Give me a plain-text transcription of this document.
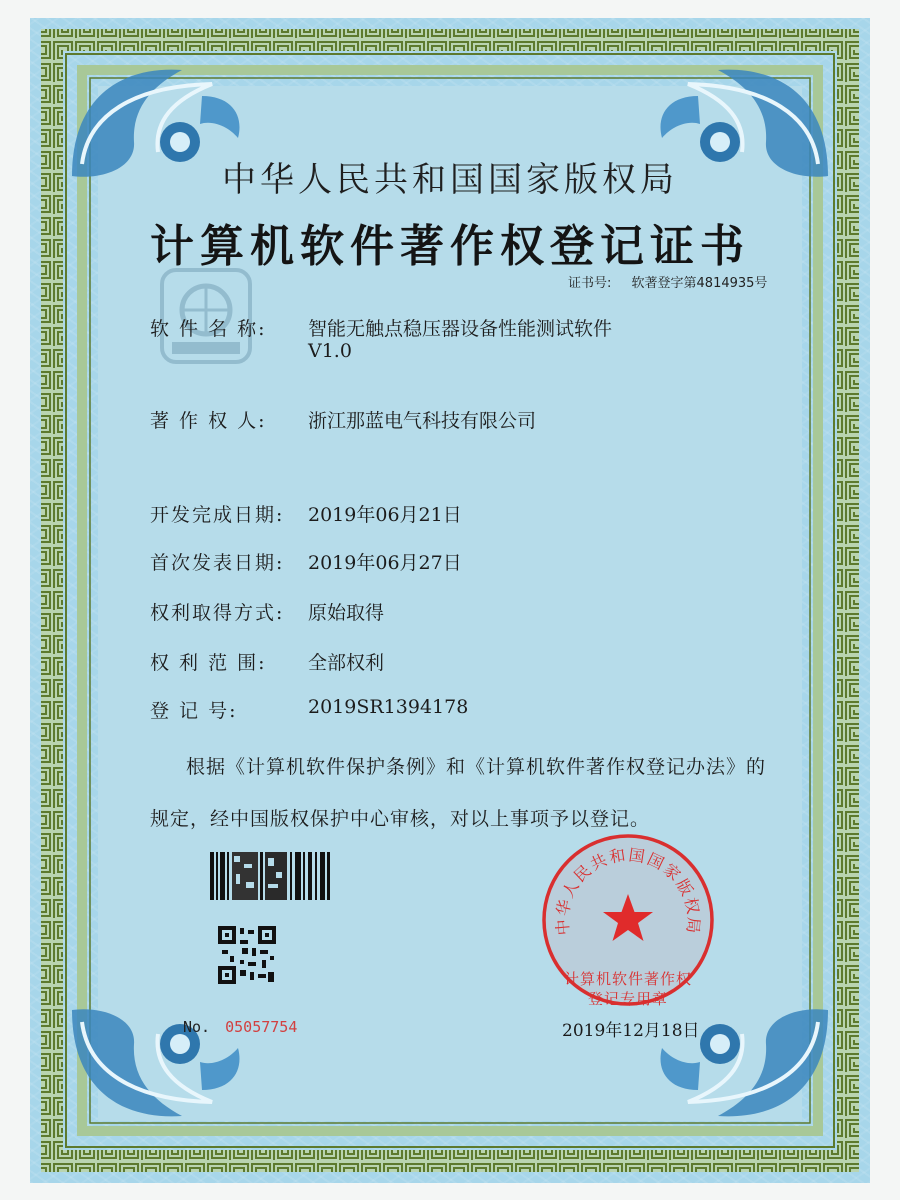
中华人民共和国国家版权局
计算机软件著作权登记证书
证书号: 软著登字第4814935号
软 件 名 称: 智能无触点稳压器设备性能测试软件
V1.0
著 作 权 人: 浙江那蓝电气科技有限公司
开发完成日期: 2019年06月21日
首次发表日期: 2019年06月27日
权利取得方式: 原始取得
权 利 范 围: 全部权利
登 记 号:	2019SR1394178
根据《计算机软件保护条例》和《计算机软件著作权登记办法》的
规定，经中国版权保护中心审核，对以上事项予以登记。
No. 05057754
中华人民共和国国家版权局
计算机软件著作权
登记专用章
2019年12月18日
